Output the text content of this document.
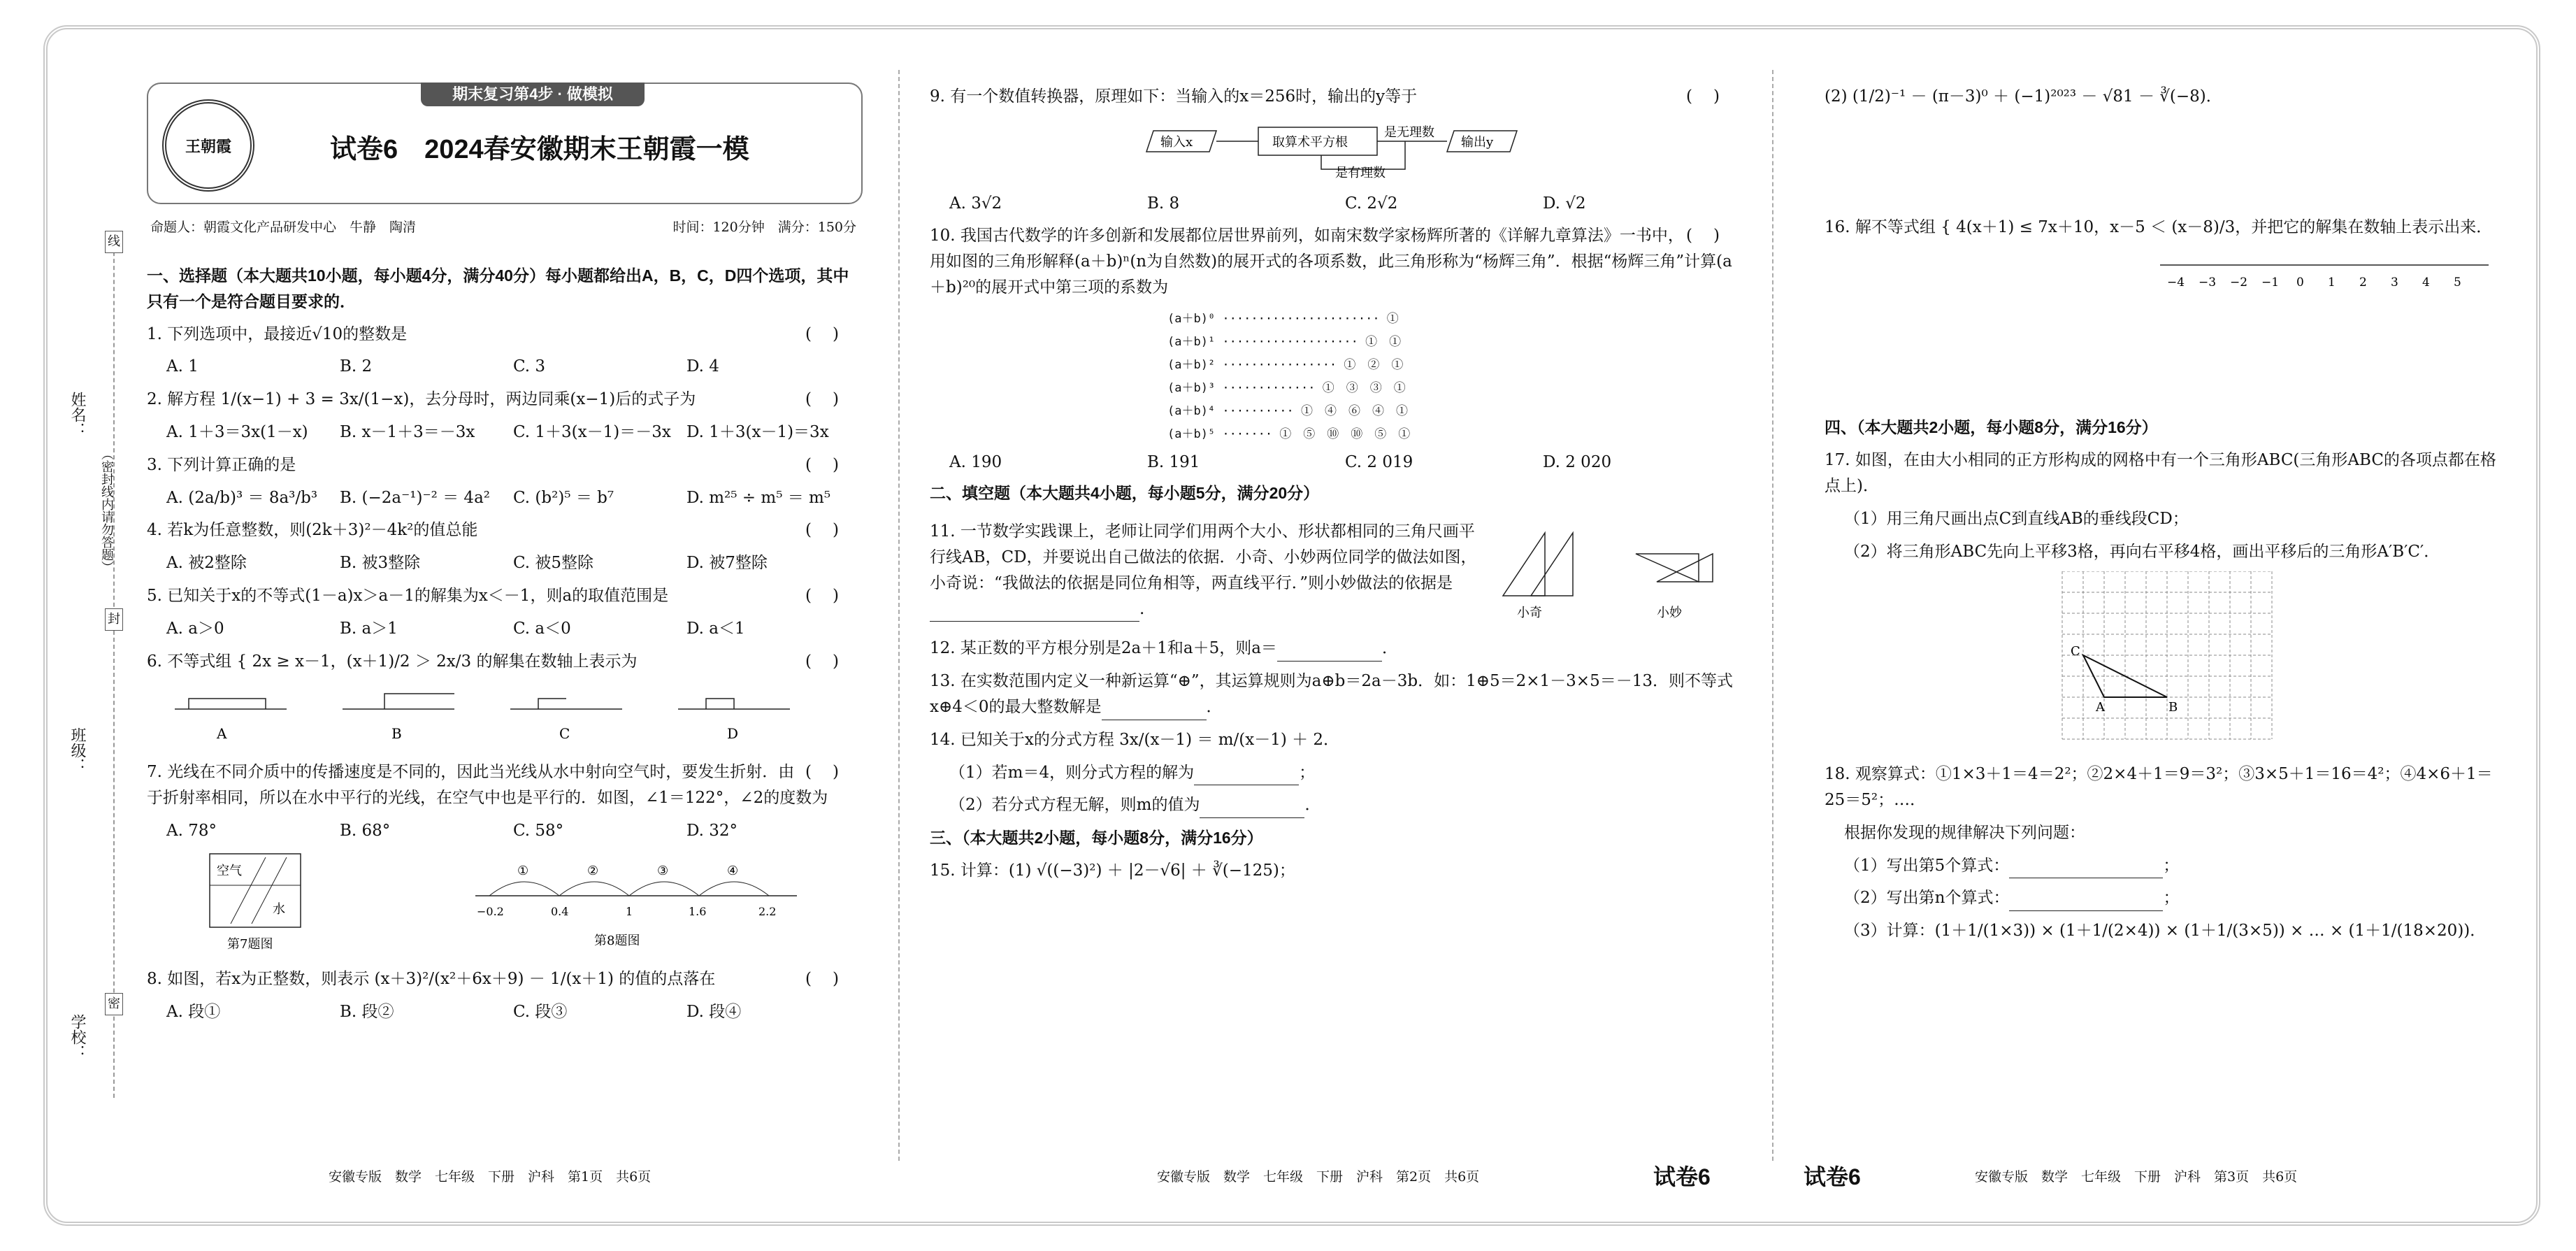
姓名：
班级：
学校：
（密封线内请勿答题）
线
封
密
期末复习第4步 · 做模拟
王朝霞	试卷6　2024春安徽期末王朝霞一模
命题人：朝霞文化产品研发中心　牛静　陶清	时间：120分钟　满分：150分
一、选择题（本大题共10小题，每小题4分，满分40分）每小题都给出A，B，C，D四个选项，其中只有一个是符合题目要求的．
()
1. 下列选项中，最接近√10的整数是
A. 1	B. 2	C. 3	D. 4
()
2. 解方程 1/(x−1) + 3 = 3x/(1−x)，去分母时，两边同乘(x−1)后的式子为
A. 1＋3＝3x(1－x)	B. x－1＋3＝－3x	C. 1＋3(x－1)＝－3x D. 1＋3(x－1)＝3x
()
3. 下列计算正确的是
A. (2a/b)³ ＝ 8a³/b³	B. (−2a⁻¹)⁻² ＝ 4a²	C. (b²)⁵ ＝ b⁷	D. m²⁵ ÷ m⁵ ＝ m⁵
()
4. 若k为任意整数，则(2k＋3)²－4k²的值总能
A. 被2整除	B. 被3整除	C. 被5整除	D. 被7整除
()
5. 已知关于x的不等式(1－a)x＞a－1的解集为x＜－1，则a的取值范围是
A. a＞0	B. a＞1	C. a＜0	D. a＜1
()
6. 不等式组 { 2x ≥ x－1，(x＋1)/2 ＞ 2x/3 的解集在数轴上表示为
A	B	C	D
()
7. 光线在不同介质中的传播速度是不同的，因此当光线从水中射向空气时，要发生折射．由于折射率相同，所以在水中平行的光线，在空气中也是平行的．如图，∠1＝122°，∠2的度数为
A. 78°	B. 68°	C. 58°	D. 32°
空气
水
第7题图
①	②	③	④
−0.2	0.4	1	1.6	2.2
第8题图
()
8. 如图，若x为正整数，则表示 (x＋3)²/(x²＋6x＋9) － 1/(x＋1) 的值的点落在
A. 段①	B. 段②	C. 段③	D. 段④
()
9. 有一个数值转换器，原理如下：当输入的x＝256时，输出的y等于
输入x	取算术平方根
是无理数
输出y
是有理数
A. 3√2	B. 8	C. 2√2	D. √2
()
10. 我国古代数学的许多创新和发展都位居世界前列，如南宋数学家杨辉所著的《详解九章算法》一书中，用如图的三角形解释(a＋b)ⁿ(n为自然数)的展开式的各项系数，此三角形称为“杨辉三角”．根据“杨辉三角”计算(a＋b)²⁰的展开式中第三项的系数为
(a＋b)⁰ ······················ ①
(a＋b)¹ ··················· ①　①
(a＋b)² ················ ①　②　①
(a＋b)³ ············· ①　③　③　①
(a＋b)⁴ ·········· ①　④　⑥　④　①
(a＋b)⁵ ······· ①　⑤　⑩　⑩　⑤　①
A. 190	B. 191	C. 2 019	D. 2 020
二、填空题（本大题共4小题，每小题5分，满分20分）
11. 一节数学实践课上，老师让同学们用两个大小、形状都相同的三角尺画平行线AB，CD，并要说出自己做法的依据．小奇、小妙两位同学的做法如图，小奇说：“我做法的依据是同位角相等，两直线平行．”则小妙做法的依据是.	小奇	小妙
12. 某正数的平方根分别是2a＋1和a＋5，则a＝	．
13. 在实数范围内定义一种新运算“⊕”，其运算规则为a⊕b＝2a－3b．如：1⊕5＝2×1－3×5＝－13．则不等式x⊕4＜0的最大整数解是	．
14. 已知关于x的分式方程 3x/(x－1) ＝ m/(x－1) ＋ 2．
（1）若m＝4，则分式方程的解为	；
（2）若分式方程无解，则m的值为	．
三、（本大题共2小题，每小题8分，满分16分）
15. 计算：(1) √((−3)²) ＋ |2－√6| ＋ ∛(−125)；
(2) (1/2)⁻¹ － (π－3)⁰ ＋ (−1)²⁰²³ － √81 － ∛(−8)．
16. 解不等式组 { 4(x＋1) ≤ 7x＋10，x－5 ＜ (x－8)/3，并把它的解集在数轴上表示出来．
−4 −3 −2 −1 0 1 2 3 4 5
四、（本大题共2小题，每小题8分，满分16分）
17. 如图，在由大小相同的正方形构成的网格中有一个三角形ABC(三角形ABC的各项点都在格点上)．
（1）用三角尺画出点C到直线AB的垂线段CD；
（2）将三角形ABC先向上平移3格，再向右平移4格，画出平移后的三角形A′B′C′．
C
A	B
18. 观察算式：①1×3＋1＝4＝2²；②2×4＋1＝9＝3²；③3×5＋1＝16＝4²；④4×6＋1＝25＝5²；…．
根据你发现的规律解决下列问题：
（1）写出第5个算式：	；
（2）写出第n个算式：	；
（3）计算：(1＋1/(1×3)) × (1＋1/(2×4)) × (1＋1/(3×5)) × … × (1＋1/(18×20))．
安徽专版　数学　七年级　下册　沪科　第1页　共6页	安徽专版　数学　七年级　下册　沪科　第2页　共6页	试卷6	试卷6	安徽专版　数学　七年级　下册　沪科　第3页　共6页
